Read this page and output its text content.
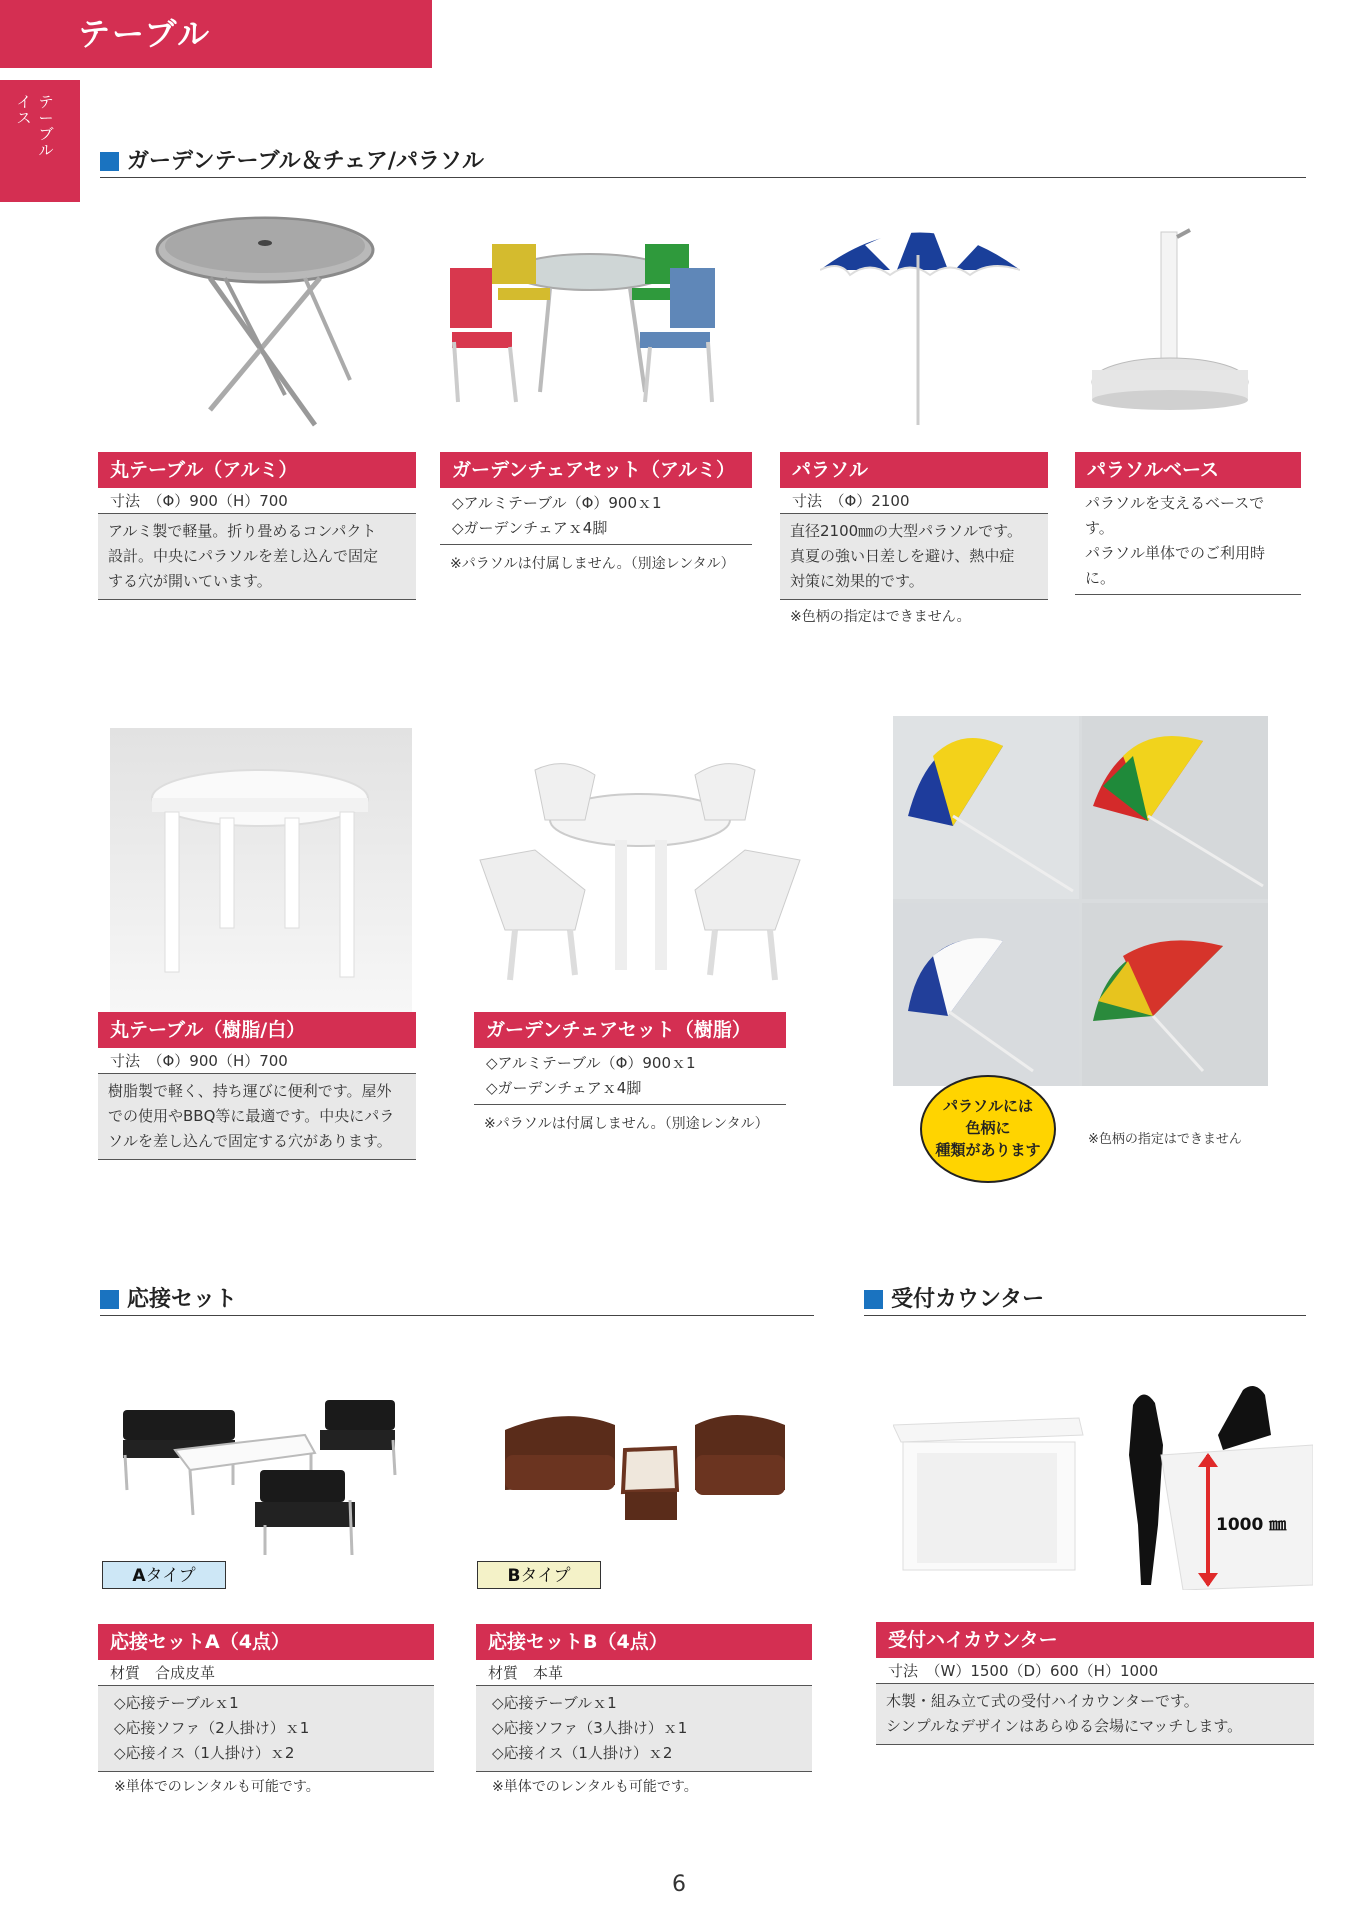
テーブル
テーブル
イス
ガーデンテーブル＆チェア/パラソル
丸テーブル（アルミ）
寸法　（Φ）900（H）700
アルミ製で軽量。折り畳めるコンパクト
設計。中央にパラソルを差し込んで固定
する穴が開いています。
ガーデンチェアセット（アルミ）
◇アルミテーブル（Φ）900ｘ1
◇ガーデンチェアｘ4脚
※パラソルは付属しません。（別途レンタル）
パラソル
寸法　（Φ）2100
直径2100㎜の大型パラソルです。
真夏の強い日差しを避け、熱中症
対策に効果的です。
※色柄の指定はできません。
パラソルベース
パラソルを支えるベースです。
パラソル単体でのご利用時に。
パラソルには
色柄に
種類があります
※色柄の指定はできません
丸テーブル（樹脂/白）
寸法　（Φ）900（H）700
樹脂製で軽く、持ち運びに便利です。屋外
での使用やBBQ等に最適です。中央にパラ
ソルを差し込んで固定する穴があります。
ガーデンチェアセット（樹脂）
◇アルミテーブル（Φ）900ｘ1
◇ガーデンチェアｘ4脚
※パラソルは付属しません。（別途レンタル）
応接セット	受付カウンター
1000 ㎜
Aタイプ	Bタイプ
応接セットA（4点）
材質　合成皮革
◇応接テーブルｘ1
◇応接ソファ（2人掛け）ｘ1
◇応接イス（1人掛け）ｘ2
※単体でのレンタルも可能です。
応接セットB（4点）
材質　本革
◇応接テーブルｘ1
◇応接ソファ（3人掛け）ｘ1
◇応接イス（1人掛け）ｘ2
※単体でのレンタルも可能です。
受付ハイカウンター
寸法　（W）1500（D）600（H）1000
木製・組み立て式の受付ハイカウンターです。
シンプルなデザインはあらゆる会場にマッチします。
6
